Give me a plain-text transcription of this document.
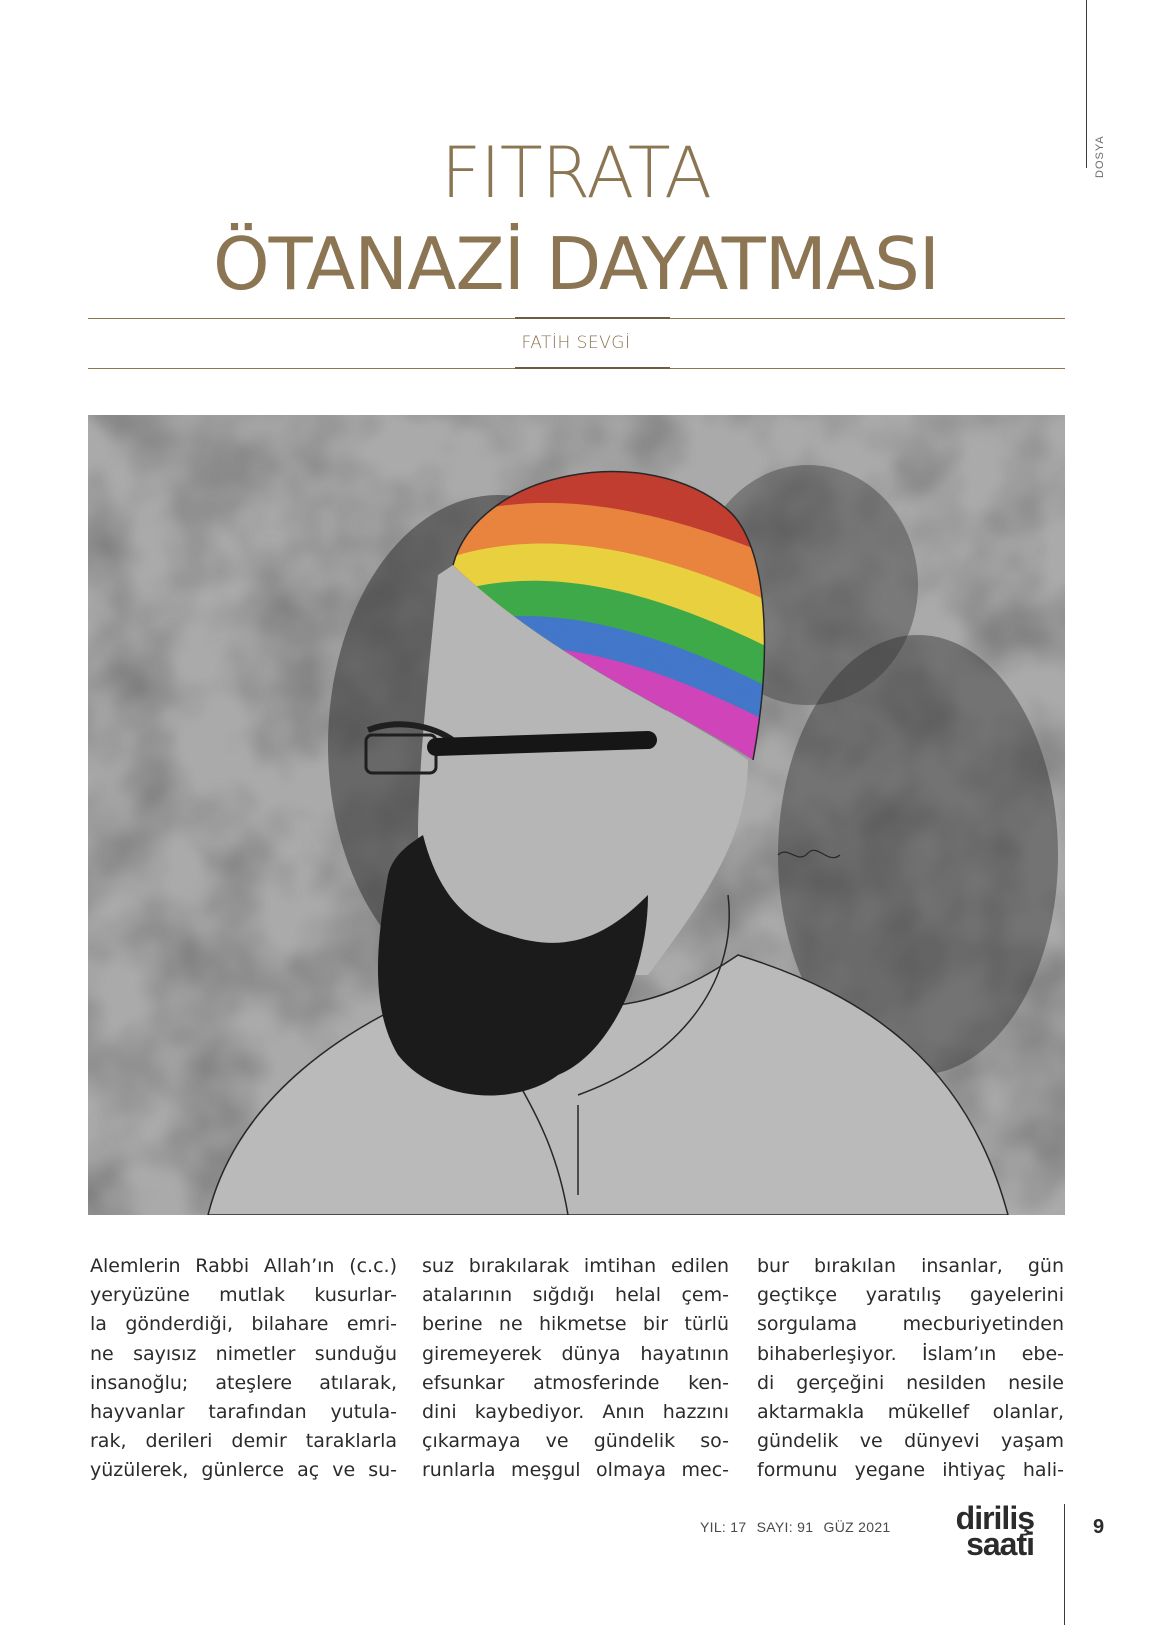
DOSYA
FITRATA
ÖTANAZİ DAYATMASI
FATİH SEVGİ
Alemlerin Rabbi Allah’ın (c.c.)
yeryüzüne mutlak kusurlar-
la gönderdiği, bilahare emri-
ne sayısız nimetler sunduğu
insanoğlu; ateşlere atılarak,
hayvanlar tarafından yutula-
rak, derileri demir taraklarla
yüzülerek, günlerce aç ve su-
suz bırakılarak imtihan edilen
atalarının sığdığı helal çem-
berine ne hikmetse bir türlü
giremeyerek dünya hayatının
efsunkar atmosferinde ken-
dini kaybediyor. Anın hazzını
çıkarmaya ve gündelik so-
runlarla meşgul olmaya mec-
bur bırakılan insanlar, gün
geçtikçe yaratılış gayelerini
sorgulama mecburiyetinden
bihaberleşiyor. İslam’ın ebe-
di gerçeğini nesilden nesile
aktarmakla mükellef olanlar,
gündelik ve dünyevi yaşam
formunu yegane ihtiyaç hali-
YIL: 17 SAYI: 91 GÜZ 2021 diriliş
saati	9
